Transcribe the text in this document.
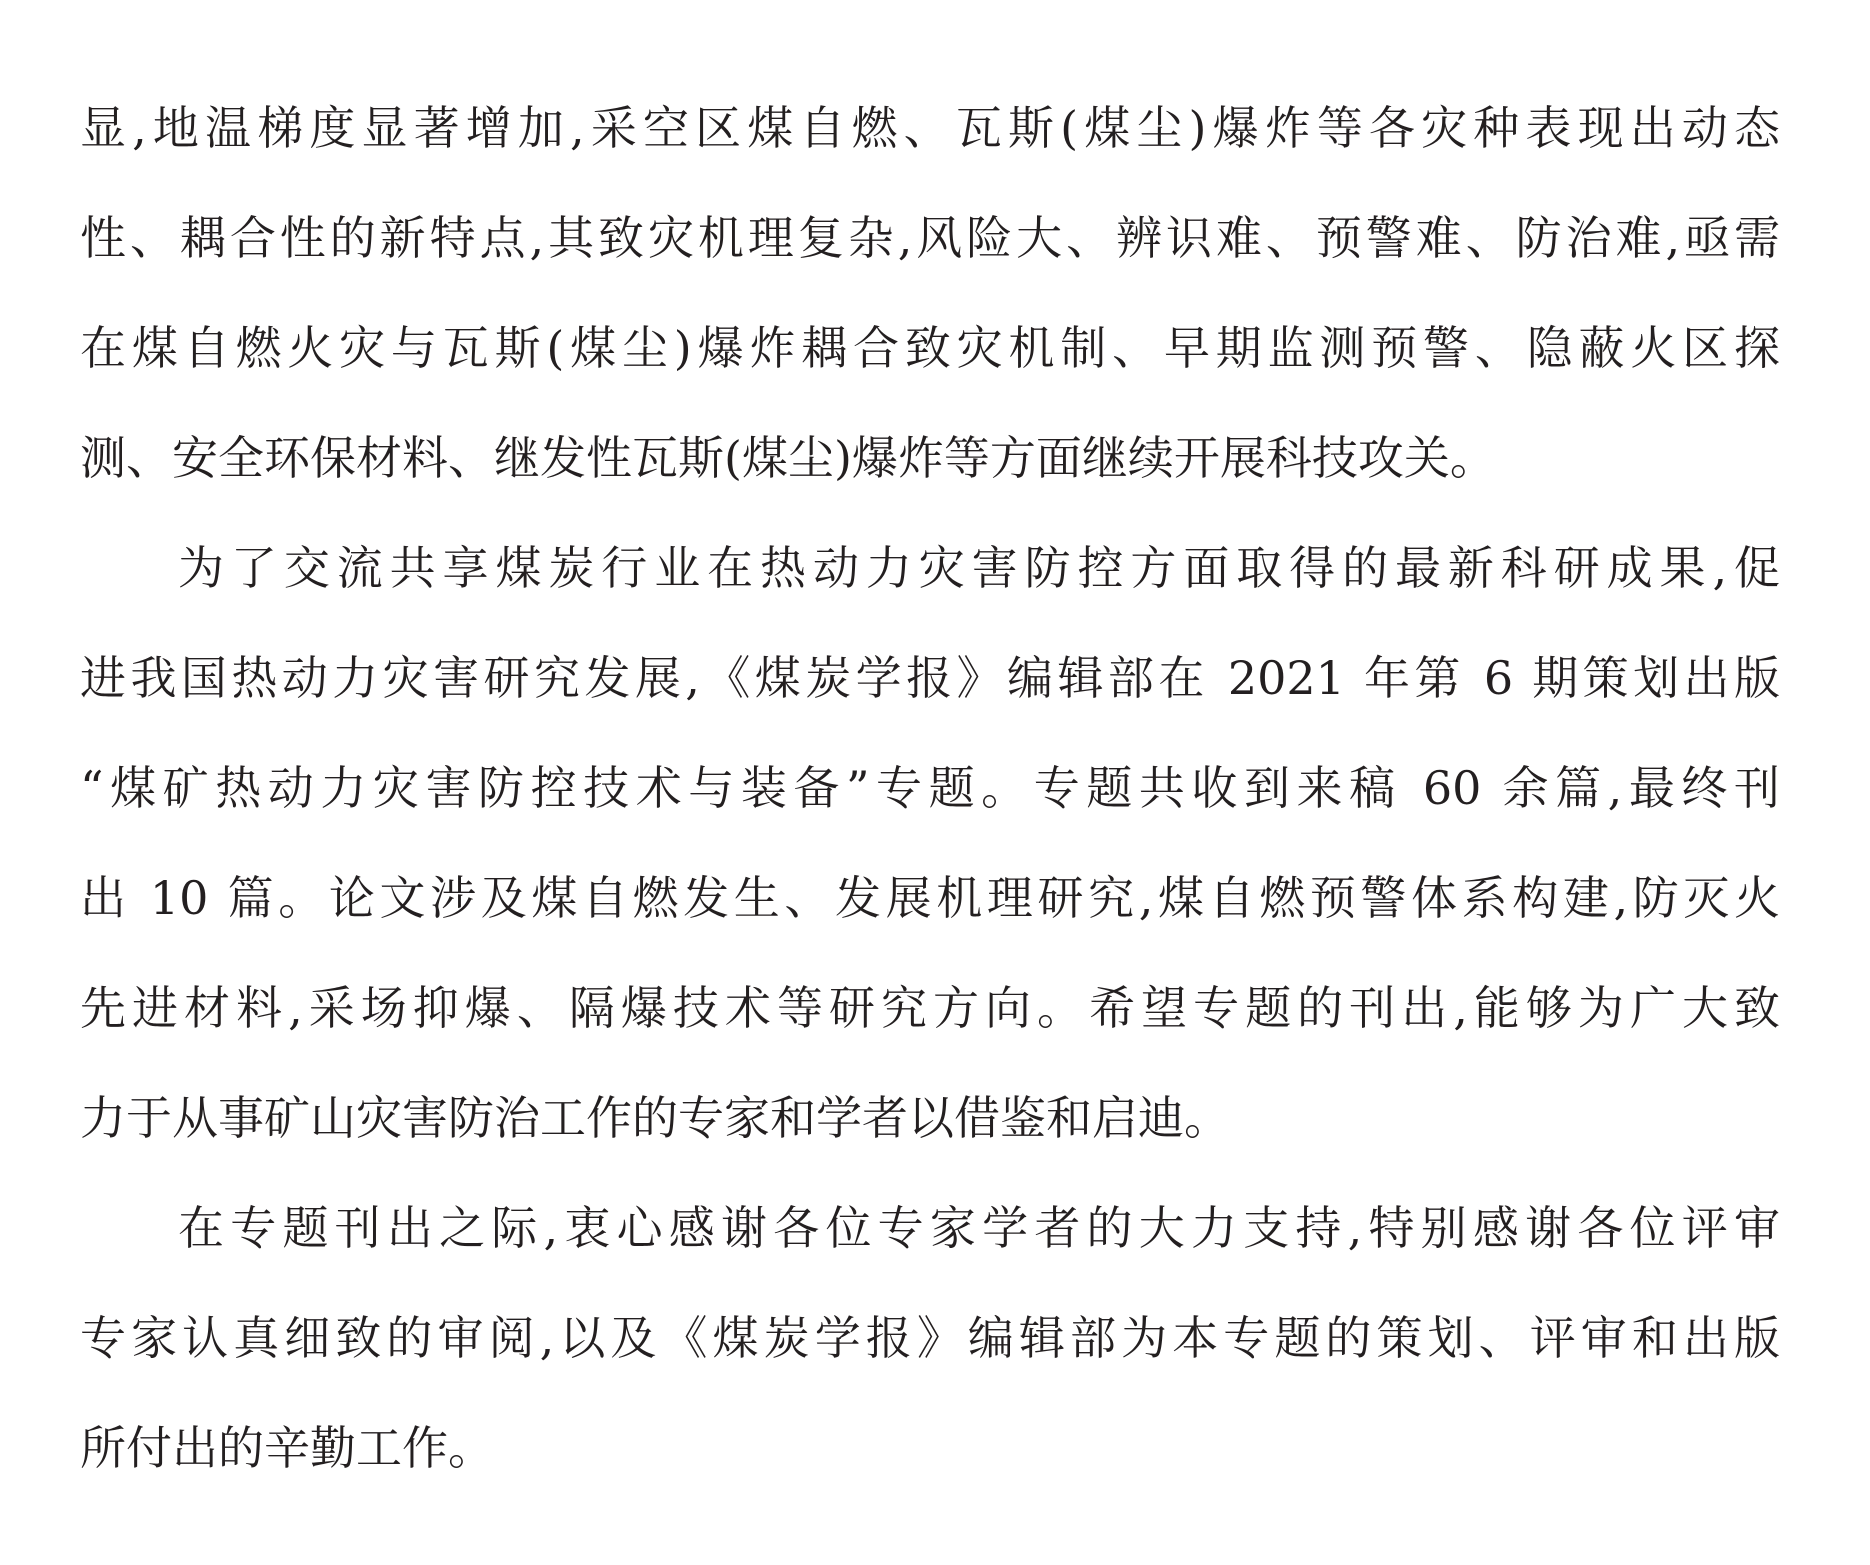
显,地温梯度显著增加,采空区煤自燃、瓦斯(煤尘)爆炸等各灾种表现出动态
性、耦合性的新特点,其致灾机理复杂,风险大、辨识难、预警难、防治难,亟需
在煤自燃火灾与瓦斯(煤尘)爆炸耦合致灾机制、早期监测预警、隐蔽火区探
测、安全环保材料、继发性瓦斯(煤尘)爆炸等方面继续开展科技攻关。
为了交流共享煤炭行业在热动力灾害防控方面取得的最新科研成果,促
进我国热动力灾害研究发展,《煤炭学报》编辑部在 2021 年第 6 期策划出版
“煤矿热动力灾害防控技术与装备”专题。专题共收到来稿 60 余篇,最终刊
出 10 篇。论文涉及煤自燃发生、发展机理研究,煤自燃预警体系构建,防灭火
先进材料,采场抑爆、隔爆技术等研究方向。希望专题的刊出,能够为广大致
力于从事矿山灾害防治工作的专家和学者以借鉴和启迪。
在专题刊出之际,衷心感谢各位专家学者的大力支持,特别感谢各位评审
专家认真细致的审阅,以及《煤炭学报》编辑部为本专题的策划、评审和出版
所付出的辛勤工作。
